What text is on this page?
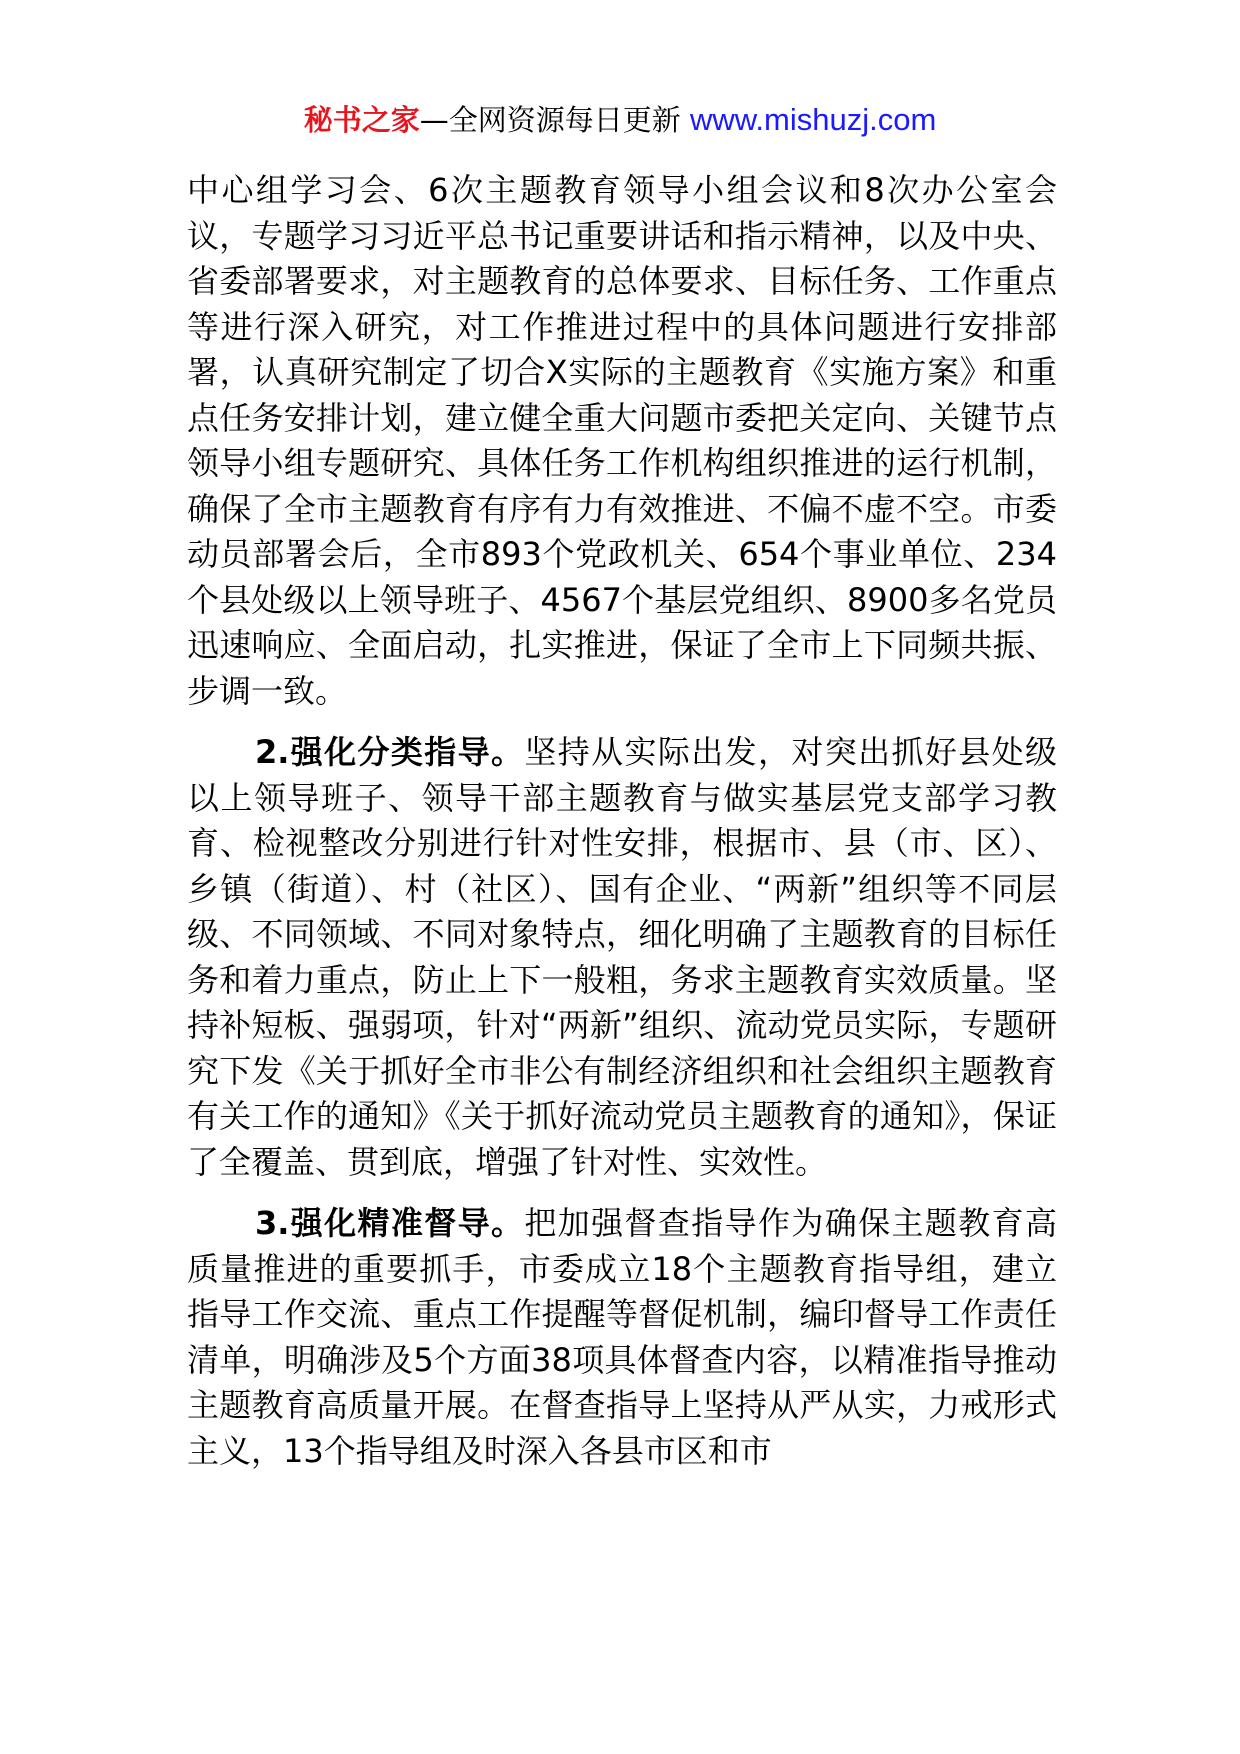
秘书之家—全网资源每日更新 www.mishuzj.com

中心组学习会、6次主题教育领导小组会议和8次办公室会议，专题学习习近平总书记重要讲话和指示精神，以及中央、省委部署要求，对主题教育的总体要求、目标任务、工作重点等进行深入研究，对工作推进过程中的具体问题进行安排部署，认真研究制定了切合X实际的主题教育《实施方案》和重点任务安排计划，建立健全重大问题市委把关定向、关键节点领导小组专题研究、具体任务工作机构组织推进的运行机制，确保了全市主题教育有序有力有效推进、不偏不虚不空。市委动员部署会后，全市893个党政机关、654个事业单位、234个县处级以上领导班子、4567个基层党组织、8900多名党员迅速响应、全面启动，扎实推进，保证了全市上下同频共振、步调一致。

2.强化分类指导。坚持从实际出发，对突出抓好县处级以上领导班子、领导干部主题教育与做实基层党支部学习教育、检视整改分别进行针对性安排，根据市、县（市、区）、乡镇（街道）、村（社区）、国有企业、“两新”组织等不同层级、不同领域、不同对象特点，细化明确了主题教育的目标任务和着力重点，防止上下一般粗，务求主题教育实效质量。坚持补短板、强弱项，针对“两新”组织、流动党员实际，专题研究下发《关于抓好全市非公有制经济组织和社会组织主题教育有关工作的通知》《关于抓好流动党员主题教育的通知》，保证了全覆盖、贯到底，增强了针对性、实效性。

3.强化精准督导。把加强督查指导作为确保主题教育高质量推进的重要抓手，市委成立18个主题教育指导组，建立指导工作交流、重点工作提醒等督促机制，编印督导工作责任清单，明确涉及5个方面38项具体督查内容，以精准指导推动主题教育高质量开展。在督查指导上坚持从严从实，力戒形式主义，13个指导组及时深入各县市区和市
